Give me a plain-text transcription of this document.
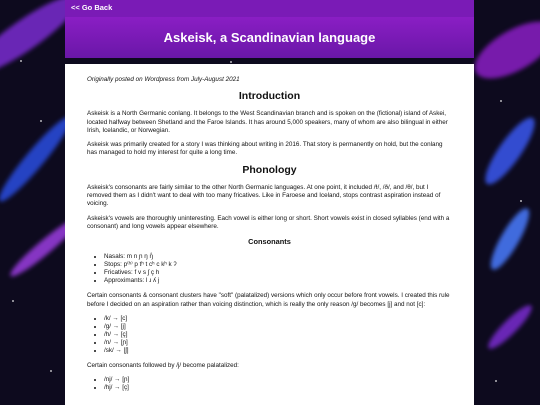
<< Go Back
Askeisk, a Scandinavian language

Originally posted on Wordpress from July-August 2021

Introduction

Askeisk is a North Germanic conlang. It belongs to the West Scandinavian branch and is spoken on the (fictional) island of Askei, located halfway between Shetland and the Faroe Islands. It has around 5,000 speakers, many of whom are also bilingual in either Irish, Icelandic, or Norwegian.

Askeisk was primarily created for a story I was thinking about writing in 2016. That story is permanently on hold, but the conlang has managed to hold my interest for quite a long time.

Phonology

Askeisk's consonants are fairly similar to the other North Germanic languages. At one point, it included /ɬ/, /ð/, and /θ/, but I removed them as I didn't want to deal with too many fricatives. Like in Faroese and Iceland, stops contrast aspiration instead of voicing.

Askeisk's vowels are thoroughly uninteresting. Each vowel is either long or short. Short vowels exist in closed syllables (end with a consonant) and long vowels appear elsewhere.

Consonants
• Nasals: m n ɲ ŋ ŋ̊
• Stops: p⁽ʰ⁾ p tʰ t cʰ c kʰ k ʔ
• Fricatives: f v s ʃ ç h
• Approximants: l ɹ ʎ j

Certain consonants & consonant clusters have "soft" (palatalized) versions which only occur before front vowels. I created this rule before I decided on an aspiration rather than voicing distinction, which is really the only reason /g/ becomes [j] and not [c]:

• /k/ → [c]
• /g/ → [j]
• /h/ → [ç]
• /n/ → [ɲ]
• /sk/ → [ʃ]

Certain consonants followed by /j/ become palatalized:

• /nj/ → [ɲ]
• /hj/ → [ç]
